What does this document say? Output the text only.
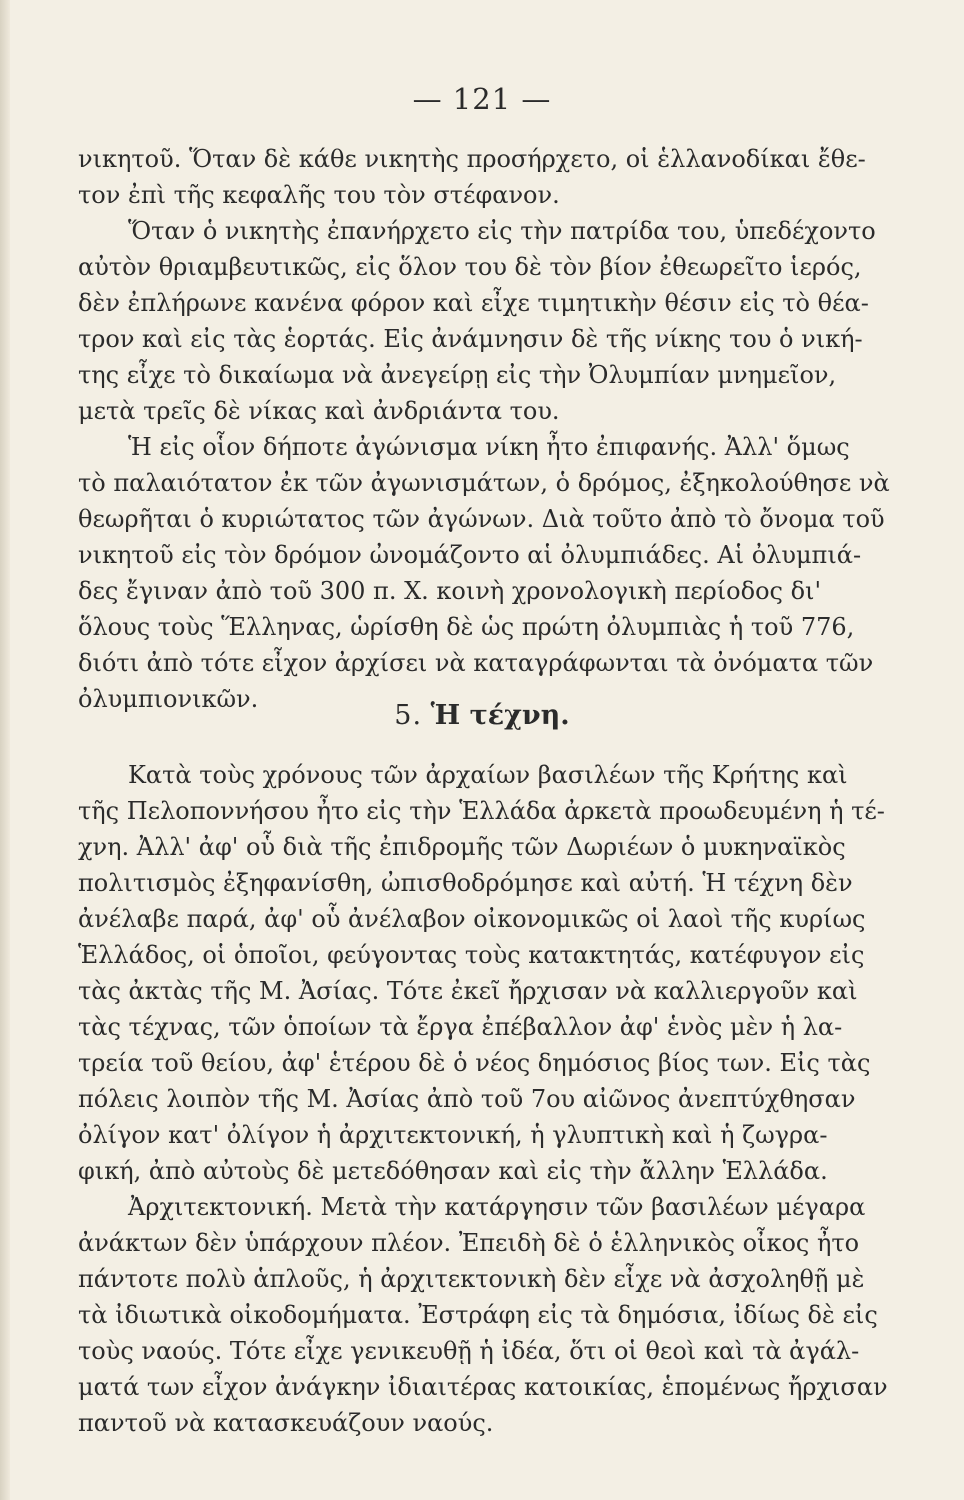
— 121 —
νικητοῦ. Ὅταν δὲ κάθε νικητὴς προσήρχετο, οἱ ἑλλανοδίκαι ἔθε-
τον ἐπὶ τῆς κεφαλῆς του τὸν στέφανον.
Ὅταν ὁ νικητὴς ἐπανήρχετο εἰς τὴν πατρίδα του, ὑπεδέχοντο
αὐτὸν θριαμβευτικῶς, εἰς ὅλον του δὲ τὸν βίον ἐθεωρεῖτο ἱερός,
δὲν ἐπλήρωνε κανένα φόρον καὶ εἶχε τιμητικὴν θέσιν εἰς τὸ θέα-
τρον καὶ εἰς τὰς ἑορτάς. Εἰς ἀνάμνησιν δὲ τῆς νίκης του ὁ νική-
της εἶχε τὸ δικαίωμα νὰ ἀνεγείρῃ εἰς τὴν Ὀλυμπίαν μνημεῖον,
μετὰ τρεῖς δὲ νίκας καὶ ἀνδριάντα του.
Ἡ εἰς οἷον δήποτε ἀγώνισμα νίκη ἦτο ἐπιφανής. Ἀλλ' ὅμως
τὸ παλαιότατον ἐκ τῶν ἀγωνισμάτων, ὁ δρόμος, ἐξηκολούθησε νὰ
θεωρῆται ὁ κυριώτατος τῶν ἀγώνων. Διὰ τοῦτο ἀπὸ τὸ ὄνομα τοῦ
νικητοῦ εἰς τὸν δρόμον ὠνομάζοντο αἱ ὀλυμπιάδες. Αἱ ὀλυμπιά-
δες ἔγιναν ἀπὸ τοῦ 300 π. Χ. κοινὴ χρονολογικὴ περίοδος δι'
ὅλους τοὺς Ἕλληνας, ὡρίσθη δὲ ὡς πρώτη ὀλυμπιὰς ἡ τοῦ 776,
διότι ἀπὸ τότε εἶχον ἀρχίσει νὰ καταγράφωνται τὰ ὀνόματα τῶν
ὀλυμπιονικῶν.
5. Ἡ τέχνη.
Κατὰ τοὺς χρόνους τῶν ἀρχαίων βασιλέων τῆς Κρήτης καὶ
τῆς Πελοποννήσου ἦτο εἰς τὴν Ἑλλάδα ἀρκετὰ προωδευμένη ἡ τέ-
χνη. Ἀλλ' ἀφ' οὗ διὰ τῆς ἐπιδρομῆς τῶν Δωριέων ὁ μυκηναϊκὸς
πολιτισμὸς ἐξηφανίσθη, ὠπισθοδρόμησε καὶ αὐτή. Ἡ τέχνη δὲν
ἀνέλαβε παρά, ἀφ' οὗ ἀνέλαβον οἰκονομικῶς οἱ λαοὶ τῆς κυρίως
Ἑλλάδος, οἱ ὁποῖοι, φεύγοντας τοὺς κατακτητάς, κατέφυγον εἰς
τὰς ἀκτὰς τῆς Μ. Ἀσίας. Τότε ἐκεῖ ἤρχισαν νὰ καλλιεργοῦν καὶ
τὰς τέχνας, τῶν ὁποίων τὰ ἔργα ἐπέβαλλον ἀφ' ἑνὸς μὲν ἡ λα-
τρεία τοῦ θείου, ἀφ' ἑτέρου δὲ ὁ νέος δημόσιος βίος των. Εἰς τὰς
πόλεις λοιπὸν τῆς Μ. Ἀσίας ἀπὸ τοῦ 7ου αἰῶνος ἀνεπτύχθησαν
ὀλίγον κατ' ὀλίγον ἡ ἀρχιτεκτονική, ἡ γλυπτικὴ καὶ ἡ ζωγρα-
φική, ἀπὸ αὐτοὺς δὲ μετεδόθησαν καὶ εἰς τὴν ἄλλην Ἑλλάδα.
Ἀρχιτεκτονική. Μετὰ τὴν κατάργησιν τῶν βασιλέων μέγαρα
ἀνάκτων δὲν ὑπάρχουν πλέον. Ἐπειδὴ δὲ ὁ ἑλληνικὸς οἶκος ἦτο
πάντοτε πολὺ ἁπλοῦς, ἡ ἀρχιτεκτονικὴ δὲν εἶχε νὰ ἀσχοληθῇ μὲ
τὰ ἰδιωτικὰ οἰκοδομήματα. Ἐστράφη εἰς τὰ δημόσια, ἰδίως δὲ εἰς
τοὺς ναούς. Τότε εἶχε γενικευθῇ ἡ ἰδέα, ὅτι οἱ θεοὶ καὶ τὰ ἀγάλ-
ματά των εἶχον ἀνάγκην ἰδιαιτέρας κατοικίας, ἑπομένως ἤρχισαν
παντοῦ νὰ κατασκευάζουν ναούς.
